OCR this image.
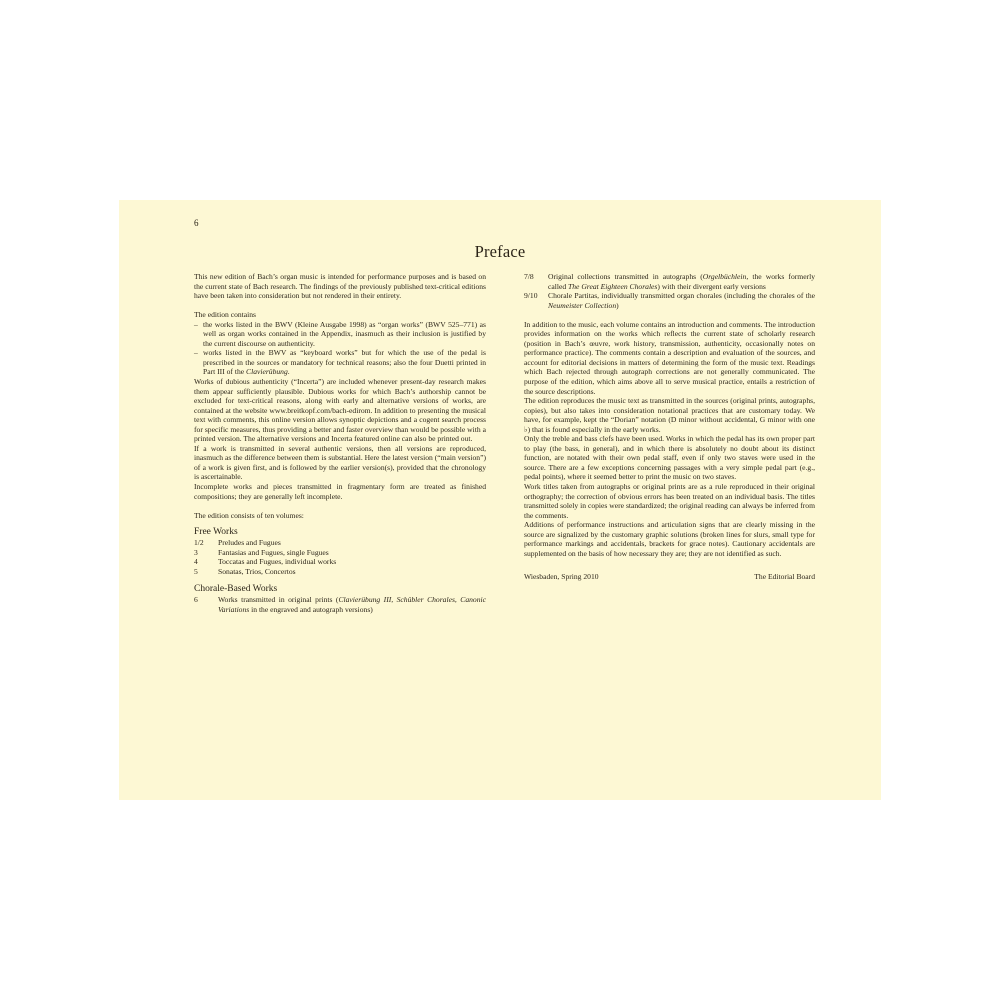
6
Preface

This new edition of Bach’s organ music is intended for performance purposes and is based on the current state of Bach research. The findings of the previously published text-critical editions have been taken into consideration but not rendered in their entirety.

The edition contains

– the works listed in the BWV (Kleine Ausgabe 1998) as “organ works” (BWV 525–771) as well as organ works contained in the Appendix, inasmuch as their inclusion is justified by the current discourse on authenticity.
– works listed in the BWV as “keyboard works” but for which the use of the pedal is prescribed in the sources or mandatory for technical reasons; also the four Duetti printed in Part III of the Clavierübung.

Works of dubious authenticity (“Incerta”) are included whenever present-day research makes them appear sufficiently plausible. Dubious works for which Bach’s authorship cannot be excluded for text-critical reasons, along with early and alternative versions of works, are contained at the website www.breitkopf.com/bach-edirom. In addition to presenting the musical text with comments, this online version allows synoptic depictions and a cogent search process for specific measures, thus providing a better and faster overview than would be possible with a printed version. The alternative versions and Incerta featured online can also be printed out.

If a work is transmitted in several authentic versions, then all versions are reproduced, inasmuch as the difference between them is substantial. Here the latest version (“main version”) of a work is given first, and is followed by the earlier version(s), provided that the chronology is ascertainable.

Incomplete works and pieces transmitted in fragmentary form are treated as finished compositions; they are generally left incomplete.

The edition consists of ten volumes:

Free Works
1/2	Preludes and Fugues
3	Fantasias and Fugues, single Fugues
4	Toccatas and Fugues, individual works
5	Sonatas, Trios, Concertos
Chorale-Based Works
6	Works transmitted in original prints (Clavierübung III, Schübler Chorales, Canonic Variations in the engraved and autograph versions)
7/8	Original collections transmitted in autographs (Orgelbüchlein, the works formerly called The Great Eighteen Chorales) with their divergent early versions
9/10	Chorale Partitas, individually transmitted organ chorales (including the chorales of the Neumeister Collection)

In addition to the music, each volume contains an introduction and comments. The introduction provides information on the works which reflects the current state of scholarly research (position in Bach’s œuvre, work history, transmission, authenticity, occasionally notes on performance practice). The comments contain a description and evaluation of the sources, and account for editorial decisions in matters of determining the form of the music text. Readings which Bach rejected through autograph corrections are not generally communicated. The purpose of the edition, which aims above all to serve musical practice, entails a restriction of the source descriptions.

The edition reproduces the music text as transmitted in the sources (original prints, autographs, copies), but also takes into consideration notational practices that are customary today. We have, for example, kept the “Dorian” notation (D minor without accidental, G minor with one ♭) that is found especially in the early works.

Only the treble and bass clefs have been used. Works in which the pedal has its own proper part to play (the bass, in general), and in which there is absolutely no doubt about its distinct function, are notated with their own pedal staff, even if only two staves were used in the source. There are a few exceptions concerning passages with a very simple pedal part (e.g., pedal points), where it seemed better to print the music on two staves.

Work titles taken from autographs or original prints are as a rule reproduced in their original orthography; the correction of obvious errors has been treated on an individual basis. The titles transmitted solely in copies were standardized; the original reading can always be inferred from the comments.

Additions of performance instructions and articulation signs that are clearly missing in the source are signalized by the customary graphic solutions (broken lines for slurs, small type for performance markings and accidentals, brackets for grace notes). Cautionary accidentals are supplemented on the basis of how necessary they are; they are not identified as such.

Wiesbaden, Spring 2010	The Editorial Board
